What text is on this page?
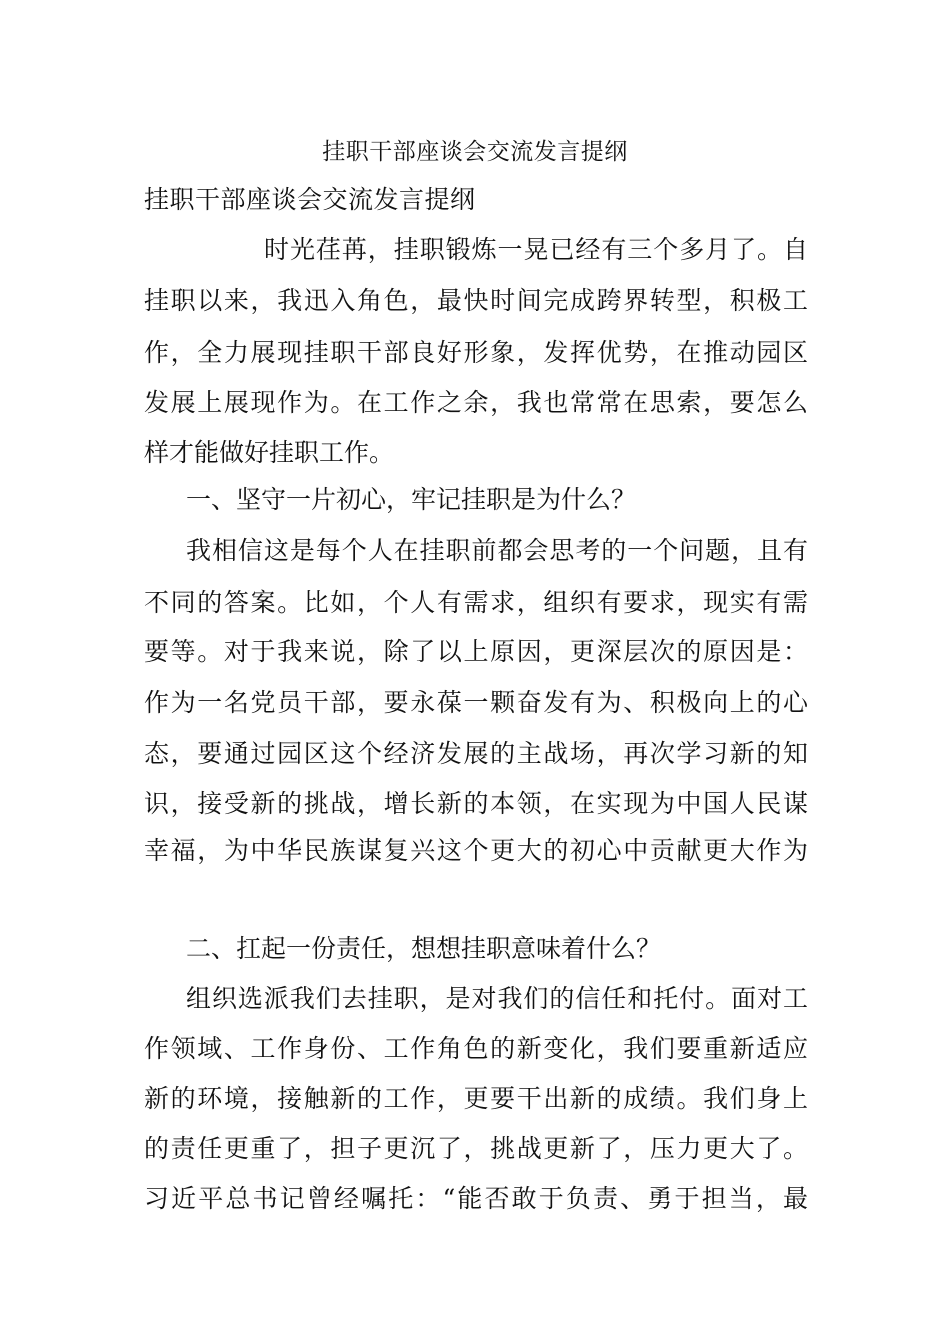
挂职干部座谈会交流发言提纲
挂职干部座谈会交流发言提纲
时光荏苒，挂职锻炼一晃已经有三个多月了。自
挂职以来，我迅入角色，最快时间完成跨界转型，积极工
作，全力展现挂职干部良好形象，发挥优势，在推动园区
发展上展现作为。在工作之余，我也常常在思索，要怎么
样才能做好挂职工作。
一、坚守一片初心，牢记挂职是为什么？
我相信这是每个人在挂职前都会思考的一个问题，且有
不同的答案。比如，个人有需求，组织有要求，现实有需
要等。对于我来说，除了以上原因，更深层次的原因是：
作为一名党员干部，要永葆一颗奋发有为、积极向上的心
态，要通过园区这个经济发展的主战场，再次学习新的知
识，接受新的挑战，增长新的本领，在实现为中国人民谋
幸福，为中华民族谋复兴这个更大的初心中贡献更大作为
二、扛起一份责任，想想挂职意味着什么？
组织选派我们去挂职，是对我们的信任和托付。面对工
作领域、工作身份、工作角色的新变化，我们要重新适应
新的环境，接触新的工作，更要干出新的成绩。我们身上
的责任更重了，担子更沉了，挑战更新了，压力更大了。
习近平总书记曾经嘱托：“能否敢于负责、勇于担当，最
